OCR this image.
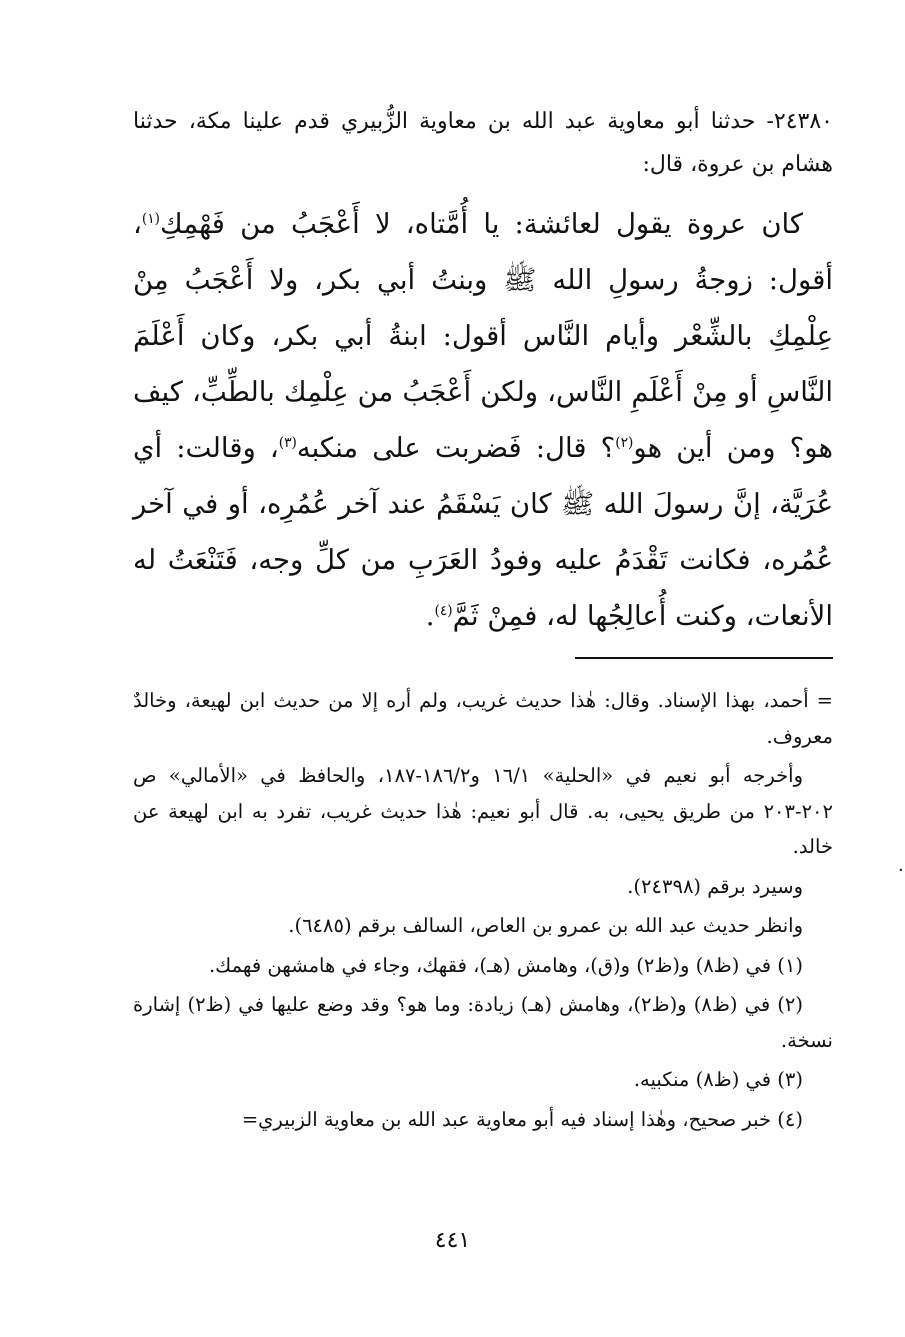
٢٤٣٨٠- حدثنا أبو معاوية عبد الله بن معاوية الزُّبيري قدم علينا مكة، حدثنا هشام بن عروة، قال:

كان عروة يقول لعائشة: يا أُمَّتاه، لا أَعْجَبُ من فَهْمِكِ$^{(١)}$، أقول: زوجةُ رسولِ الله ﷺ وبنتُ أبي بكر، ولا أَعْجَبُ مِنْ عِلْمِكِ بالشِّعْر وأيام النَّاس أقول: ابنةُ أبي بكر، وكان أَعْلَمَ النَّاسِ أو مِنْ أَعْلَمِ النَّاس، ولكن أَعْجَبُ من عِلْمِك بالطِّبِّ، كيف هو؟ ومن أين هو$^{(٢)}$؟ قال: فَضربت على منكبه$^{(٣)}$، وقالت: أي عُرَيَّة، إنَّ رسولَ الله ﷺ كان يَسْقَمُ عند آخر عُمُرِه، أو في آخر عُمُره، فكانت تَقْدَمُ عليه وفودُ العَرَبِ من كلِّ وجه، فَتَنْعَتُ له الأنعات، وكنت أُعالِجُها له، فمِنْ ثَمَّ$^{(٤)}$.

= أحمد، بهذا الإسناد. وقال: هٰذا حديث غريب، ولم أره إلا من حديث ابن لهيعة، وخالدٌ معروف.

وأخرجه أبو نعيم في «الحلية» ١٦/١ و١٨٦/٢-١٨٧، والحافظ في «الأمالي» ص ٢٠٢-٢٠٣ من طريق يحيى، به. قال أبو نعيم: هٰذا حديث غريب، تفرد به ابن لهيعة عن خالد.

وسيرد برقم (٢٤٣٩٨).

وانظر حديث عبد الله بن عمرو بن العاص، السالف برقم (٦٤٨٥).

(١) في (ظ٨) و(ظ٢) و(ق)، وهامش (هـ)، فقهك، وجاء في هامشهن فهمك.

(٢) في (ظ٨) و(ظ٢)، وهامش (هـ) زيادة: وما هو؟ وقد وضع عليها في (ظ٢) إشارة نسخة.

(٣) في (ظ٨) منكبيه.

(٤) خبر صحيح، وهٰذا إسناد فيه أبو معاوية عبد الله بن معاوية الزبيري=

·
٤٤١
